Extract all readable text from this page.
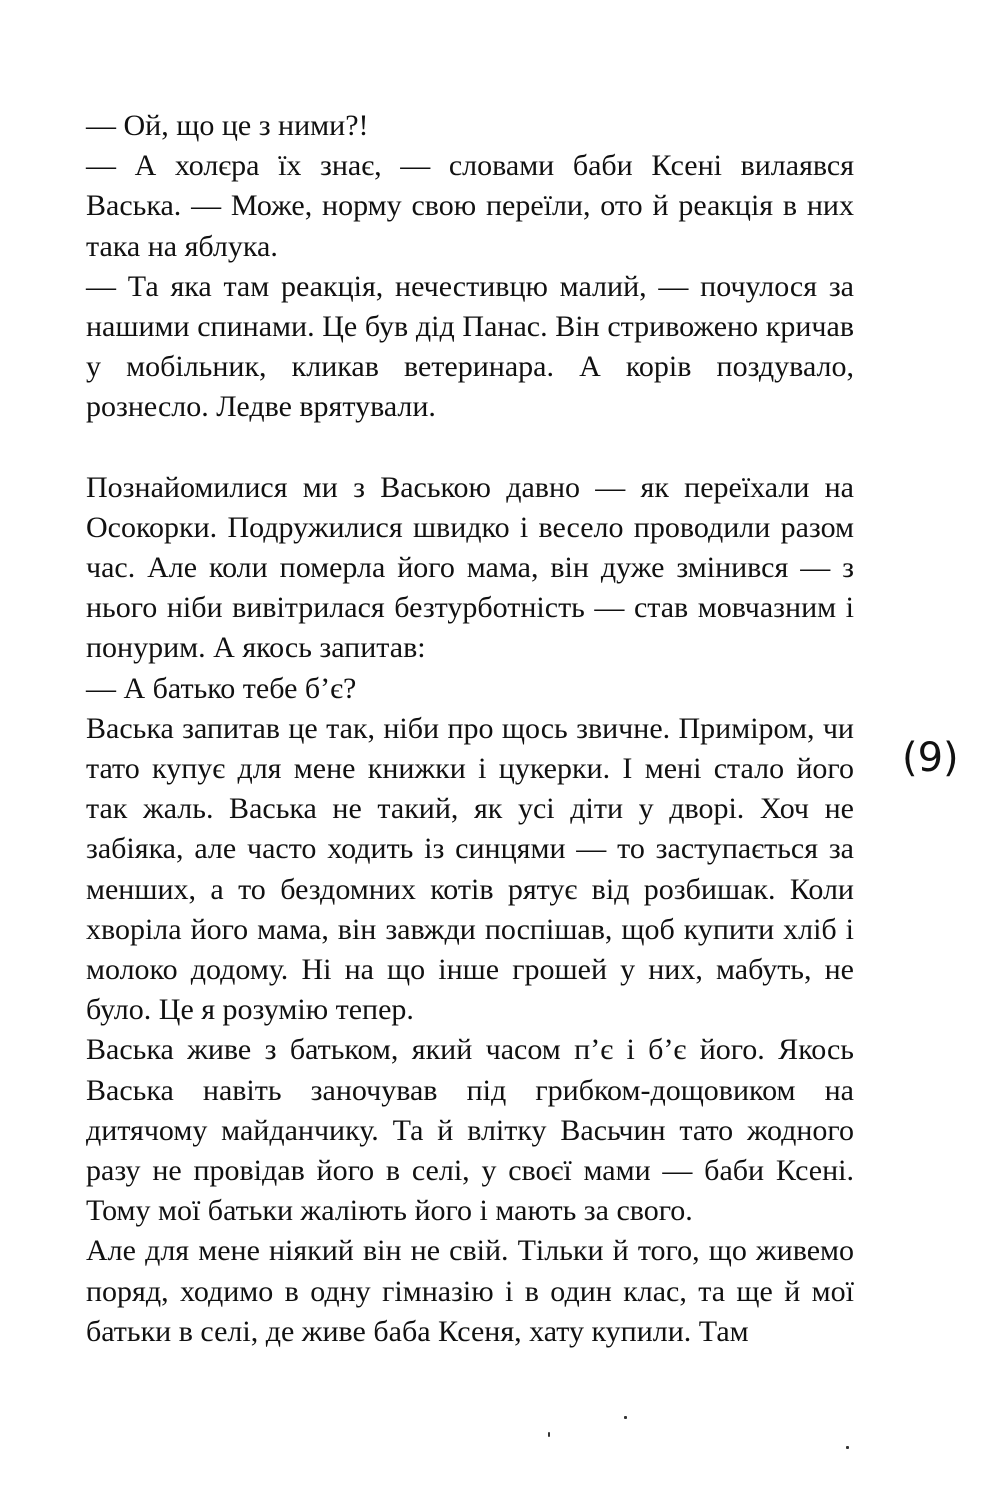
— Ой, що це з ними?!

— А холєра їх знає, — словами баби Ксені вилаявся Васька. — Може, норму свою переїли, ото й реакція в них така на яблука.

— Та яка там реакція, нечестивцю малий, — почулося за нашими спинами. Це був дід Панас. Він стривожено кричав у мобільник, кликав ветеринара. А корів поздувало, рознесло. Ледве врятували.

Познайомилися ми з Ваською давно — як переїхали на Осокорки. Подружилися швидко і весело проводили разом час. Але коли померла його мама, він дуже змінився — з нього ніби вивітрилася безтурботність — став мовчазним і понурим. А якось запитав:

— А батько тебе б’є?

Васька запитав це так, ніби про щось звичне. Приміром, чи тато купує для мене книжки і цукерки. І мені стало його так жаль. Васька не такий, як усі діти у дворі. Хоч не забіяка, але часто ходить із синцями — то заступається за менших, а то бездомних котів рятує від розбишак. Коли хворіла його мама, він завжди поспішав, щоб купити хліб і молоко додому. Ні на що інше грошей у них, мабуть, не було. Це я розумію тепер.

Васька живе з батьком, який часом п’є і б’є його. Якось Васька навіть заночував під грибком-дощовиком на дитячому майданчику. Та й влітку Васьчин тато жодного разу не провідав його в селі, у своєї мами — баби Ксені. Тому мої батьки жаліють його і мають за свого.

Але для мене ніякий він не свій. Тільки й того, що живемо поряд, ходимо в одну гімназію і в один клас, та ще й мої батьки в селі, де живе баба Ксеня, хату купили. Там

(9)
